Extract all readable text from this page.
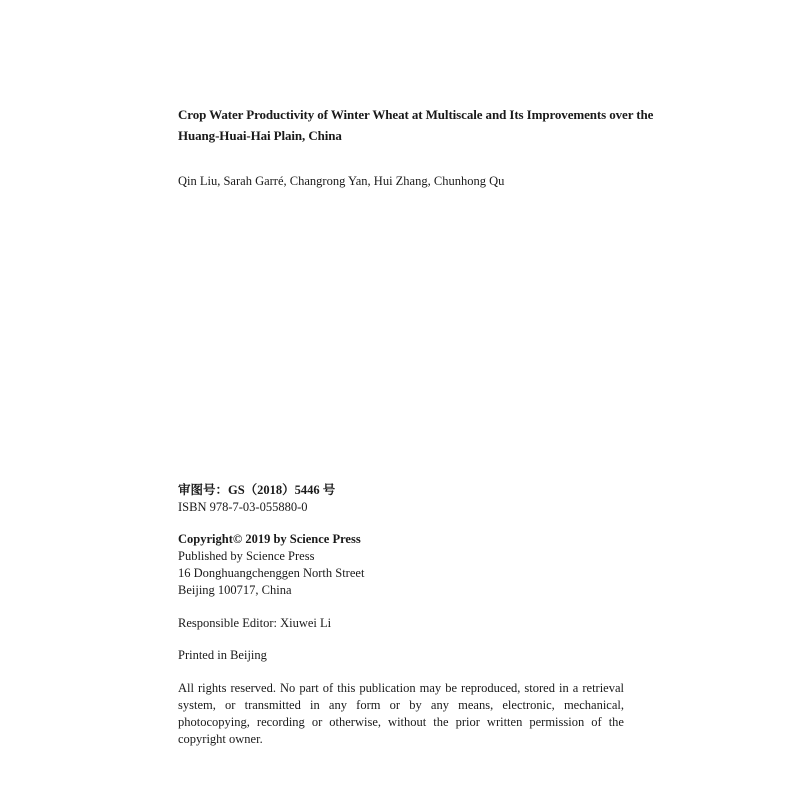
Crop Water Productivity of Winter Wheat at Multiscale and Its Improvements over the
Huang-Huai-Hai Plain, China
Qin Liu, Sarah Garré, Changrong Yan, Hui Zhang, Chunhong Qu
审图号：GS（2018）5446 号
ISBN 978-7-03-055880-0
Copyright© 2019 by Science Press
Published by Science Press
16 Donghuangchenggen North Street
Beijing 100717, China
Responsible Editor: Xiuwei Li
Printed in Beijing
All rights reserved. No part of this publication may be reproduced, stored in a retrieval system, or transmitted in any form or by any means, electronic, mechanical, photocopying, recording or otherwise, without the prior written permission of the copyright owner.
